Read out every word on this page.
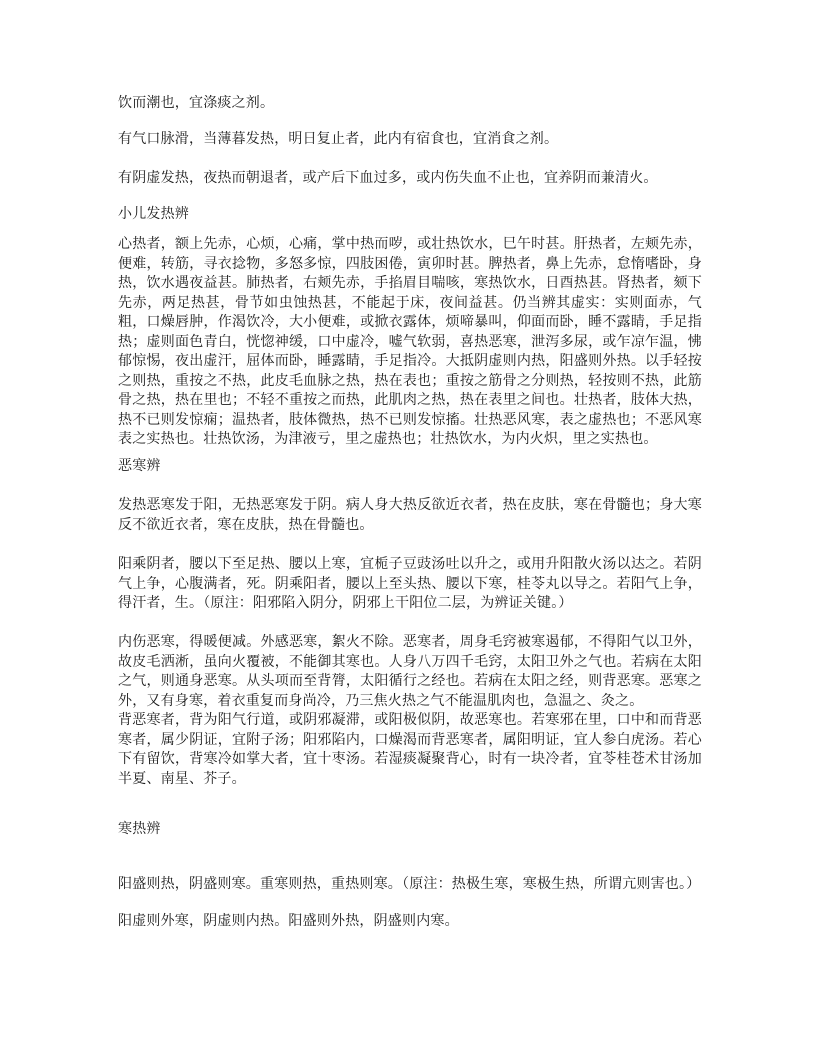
饮而潮也，宜涤痰之剂。

有气口脉滑，当薄暮发热，明日复止者，此内有宿食也，宜消食之剂。

有阴虚发热，夜热而朝退者，或产后下血过多，或内伤失血不止也，宜养阴而兼清火。

小儿发热辨

心热者，额上先赤，心烦，心痛，掌中热而哕，或壮热饮水，巳午时甚。肝热者，左颊先赤，便难，转筋，寻衣捻物，多怒多惊，四肢困倦，寅卯时甚。脾热者，鼻上先赤，怠惰嗜卧，身热，饮水遇夜益甚。肺热者，右颊先赤，手掐眉目喘咳，寒热饮水，日酉热甚。肾热者，颏下先赤，两足热甚，骨节如虫蚀热甚，不能起于床，夜间益甚。仍当辨其虚实：实则面赤，气粗，口燥唇肿，作渴饮冷，大小便难，或掀衣露体，烦啼暴叫，仰面而卧，睡不露睛，手足指热；虚则面色青白，恍惚神缓，口中虚冷，嘘气软弱，喜热恶寒，泄泻多尿，或乍凉乍温，怫郁惊惕，夜出虚汗，屈体而卧，睡露睛，手足指冷。大抵阴虚则内热，阳盛则外热。以手轻按之则热，重按之不热，此皮毛血脉之热，热在表也；重按之筋骨之分则热，轻按则不热，此筋骨之热，热在里也；不轻不重按之而热，此肌肉之热，热在表里之间也。壮热者，肢体大热，热不已则发惊痫；温热者，肢体微热，热不已则发惊搐。壮热恶风寒，表之虚热也；不恶风寒表之实热也。壮热饮汤，为津液亏，里之虚热也；壮热饮水，为内火炽，里之实热也。

恶寒辨

发热恶寒发于阳，无热恶寒发于阴。病人身大热反欲近衣者，热在皮肤，寒在骨髓也；身大寒反不欲近衣者，寒在皮肤，热在骨髓也。

阳乘阴者，腰以下至足热、腰以上寒，宜栀子豆豉汤吐以升之，或用升阳散火汤以达之。若阴气上争，心腹满者，死。阴乘阳者，腰以上至头热、腰以下寒，桂苓丸以导之。若阳气上争，得汗者，生。（原注：阳邪陷入阴分，阴邪上干阳位二层，为辨证关键。）

内伤恶寒，得暖便减。外感恶寒，絮火不除。恶寒者，周身毛窍被寒遏郁，不得阳气以卫外，故皮毛洒淅，虽向火覆被，不能御其寒也。人身八万四千毛窍，太阳卫外之气也。若病在太阳之气，则通身恶寒。从头项而至背膂，太阳循行之经也。若病在太阳之经，则背恶寒。恶寒之外，又有身寒，着衣重复而身尚冷，乃三焦火热之气不能温肌肉也，急温之、灸之。

背恶寒者，背为阳气行道，或阴邪凝滞，或阳极似阴，故恶寒也。若寒邪在里，口中和而背恶寒者，属少阴证，宜附子汤；阳邪陷内，口燥渴而背恶寒者，属阳明证，宜人参白虎汤。若心下有留饮，背寒冷如掌大者，宜十枣汤。若湿痰凝聚背心，时有一块冷者，宜苓桂苍术甘汤加半夏、南星、芥子。

寒热辨

阳盛则热，阴盛则寒。重寒则热，重热则寒。（原注：热极生寒，寒极生热，所谓亢则害也。）

阳虚则外寒，阴虚则内热。阳盛则外热，阴盛则内寒。
